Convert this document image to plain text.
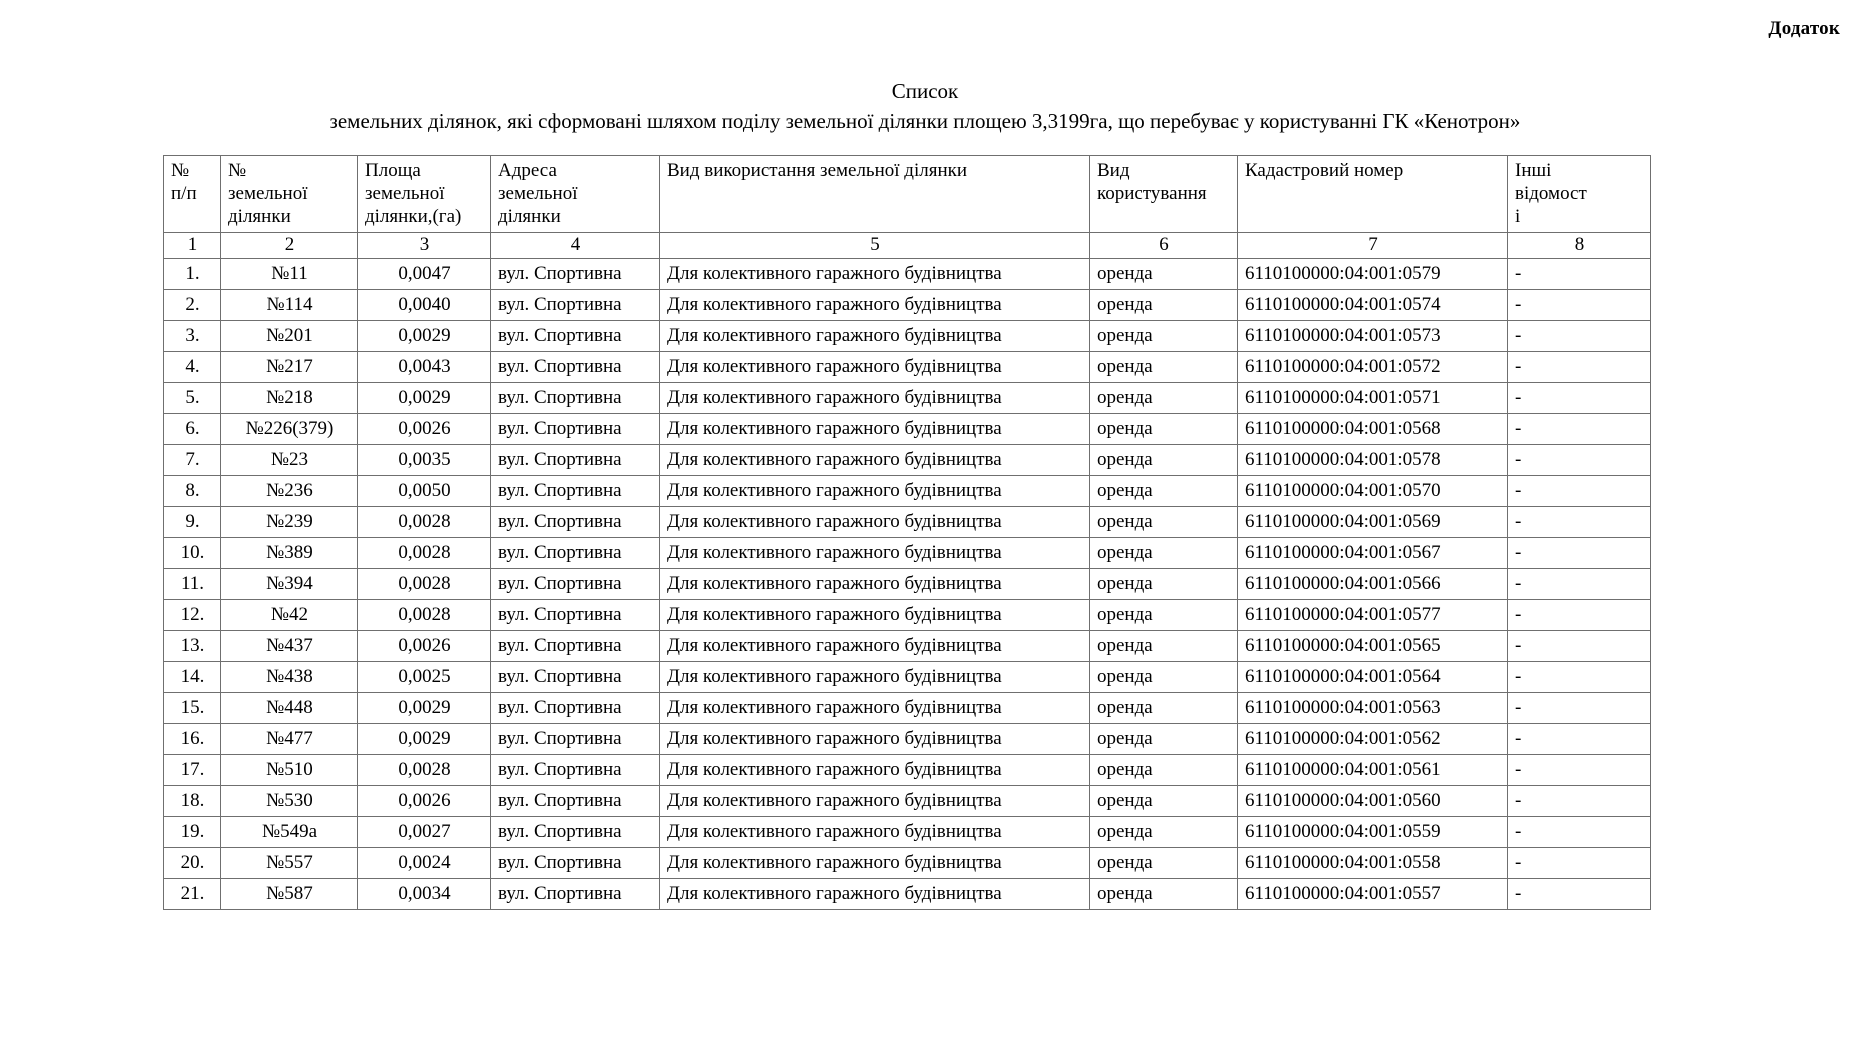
Додаток
Список
земельних ділянок, які сформовані шляхом поділу земельної ділянки площею 3,3199га, що перебуває у користуванні ГК «Кенотрон»
№
п/п	№
земельної
ділянки	Площа
земельної
ділянки,(га)	Адреса
земельної
ділянки	Вид використання земельної ділянки	Вид
користування	Кадастровий номер	Інші
відомост
і

1	2	3	4	5	6	7	8
1.	№11	0,0047	вул. Спортивна	Для колективного гаражного будівництва	оренда	6110100000:04:001:0579	-
2.	№114	0,0040	вул. Спортивна	Для колективного гаражного будівництва	оренда	6110100000:04:001:0574	-
3.	№201	0,0029	вул. Спортивна	Для колективного гаражного будівництва	оренда	6110100000:04:001:0573	-
4.	№217	0,0043	вул. Спортивна	Для колективного гаражного будівництва	оренда	6110100000:04:001:0572	-
5.	№218	0,0029	вул. Спортивна	Для колективного гаражного будівництва	оренда	6110100000:04:001:0571	-
6.	№226(379)	0,0026	вул. Спортивна	Для колективного гаражного будівництва	оренда	6110100000:04:001:0568	-
7.	№23	0,0035	вул. Спортивна	Для колективного гаражного будівництва	оренда	6110100000:04:001:0578	-
8.	№236	0,0050	вул. Спортивна	Для колективного гаражного будівництва	оренда	6110100000:04:001:0570	-
9.	№239	0,0028	вул. Спортивна	Для колективного гаражного будівництва	оренда	6110100000:04:001:0569	-
10.	№389	0,0028	вул. Спортивна	Для колективного гаражного будівництва	оренда	6110100000:04:001:0567	-
11.	№394	0,0028	вул. Спортивна	Для колективного гаражного будівництва	оренда	6110100000:04:001:0566	-
12.	№42	0,0028	вул. Спортивна	Для колективного гаражного будівництва	оренда	6110100000:04:001:0577	-
13.	№437	0,0026	вул. Спортивна	Для колективного гаражного будівництва	оренда	6110100000:04:001:0565	-
14.	№438	0,0025	вул. Спортивна	Для колективного гаражного будівництва	оренда	6110100000:04:001:0564	-
15.	№448	0,0029	вул. Спортивна	Для колективного гаражного будівництва	оренда	6110100000:04:001:0563	-
16.	№477	0,0029	вул. Спортивна	Для колективного гаражного будівництва	оренда	6110100000:04:001:0562	-
17.	№510	0,0028	вул. Спортивна	Для колективного гаражного будівництва	оренда	6110100000:04:001:0561	-
18.	№530	0,0026	вул. Спортивна	Для колективного гаражного будівництва	оренда	6110100000:04:001:0560	-
19.	№549а	0,0027	вул. Спортивна	Для колективного гаражного будівництва	оренда	6110100000:04:001:0559	-
20.	№557	0,0024	вул. Спортивна	Для колективного гаражного будівництва	оренда	6110100000:04:001:0558	-
21.	№587	0,0034	вул. Спортивна	Для колективного гаражного будівництва	оренда	6110100000:04:001:0557	-
